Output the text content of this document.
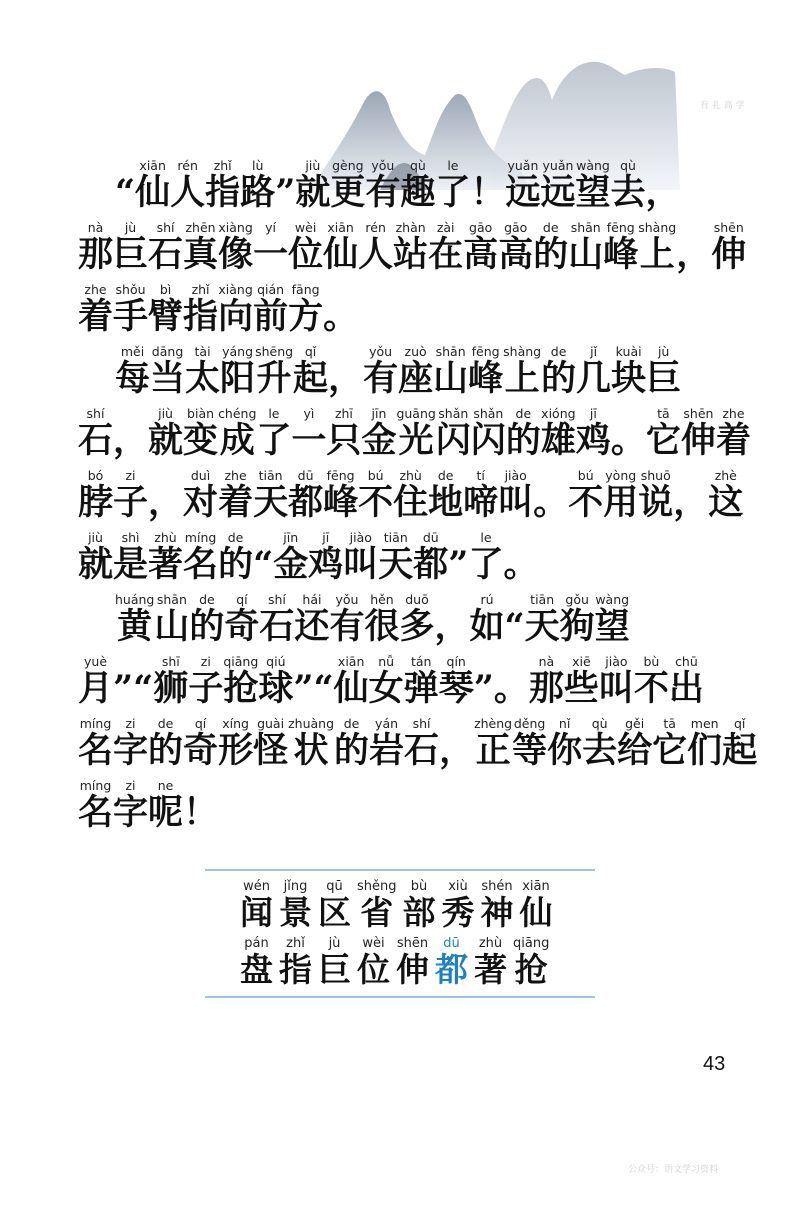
有 礼 高 学
公众号：语文学习资料
“ 仙xiān人rén指zhǐ路lù” 就jiù更gèng有yǒu趣qù了le！ 远yuǎn远yuǎn望wàng去qù，
那nà巨jù石shí真zhēn像xiàng一yí位wèi仙xiān人rén站zhàn在zài高gāo高gāo的de山shān峰fēng上shàng， 伸shēn
着zhe手shǒu臂bì指zhǐ向xiàng前qián方fāng。
每měi当dāng太tài阳yáng升shēng起qǐ， 有yǒu座zuò山shān峰fēng上shàng的de几jǐ块kuài巨jù
石shí， 就jiù变biàn成chéng了le一yì只zhī金jīn光guāng闪shǎn闪shǎn的de雄xióng鸡jī。 它tā伸shēn着zhe
脖bó子zi， 对duì着zhe天tiān都dū峰fēng不bú住zhù地de啼tí叫jiào。 不bú用yòng说shuō， 这zhè
就jiù是shì著zhù名míng的de“ 金jīn鸡jī叫jiào天tiān都dū” 了le。
黄huáng山shān的de奇qí石shí还hái有yǒu很hěn多duō， 如rú“ 天tiān狗gǒu望wàng
月yuè” “ 狮shī子zi抢qiāng球qiú” “ 仙xiān女nǚ弹tán琴qín” 。 那nà些xiē叫jiào不bù出chū
名míng字zi的de奇qí形xíng怪guài状zhuàng的de岩yán石shí， 正zhèng等děng你nǐ去qù给gěi它tā们men起qǐ
名míng字zi呢ne！
闻wén景jǐng区qū省shěng部bù秀xiù神shén仙xiān
盘pán指zhǐ巨jù位wèi伸shēn都dū著zhù抢qiāng
43
